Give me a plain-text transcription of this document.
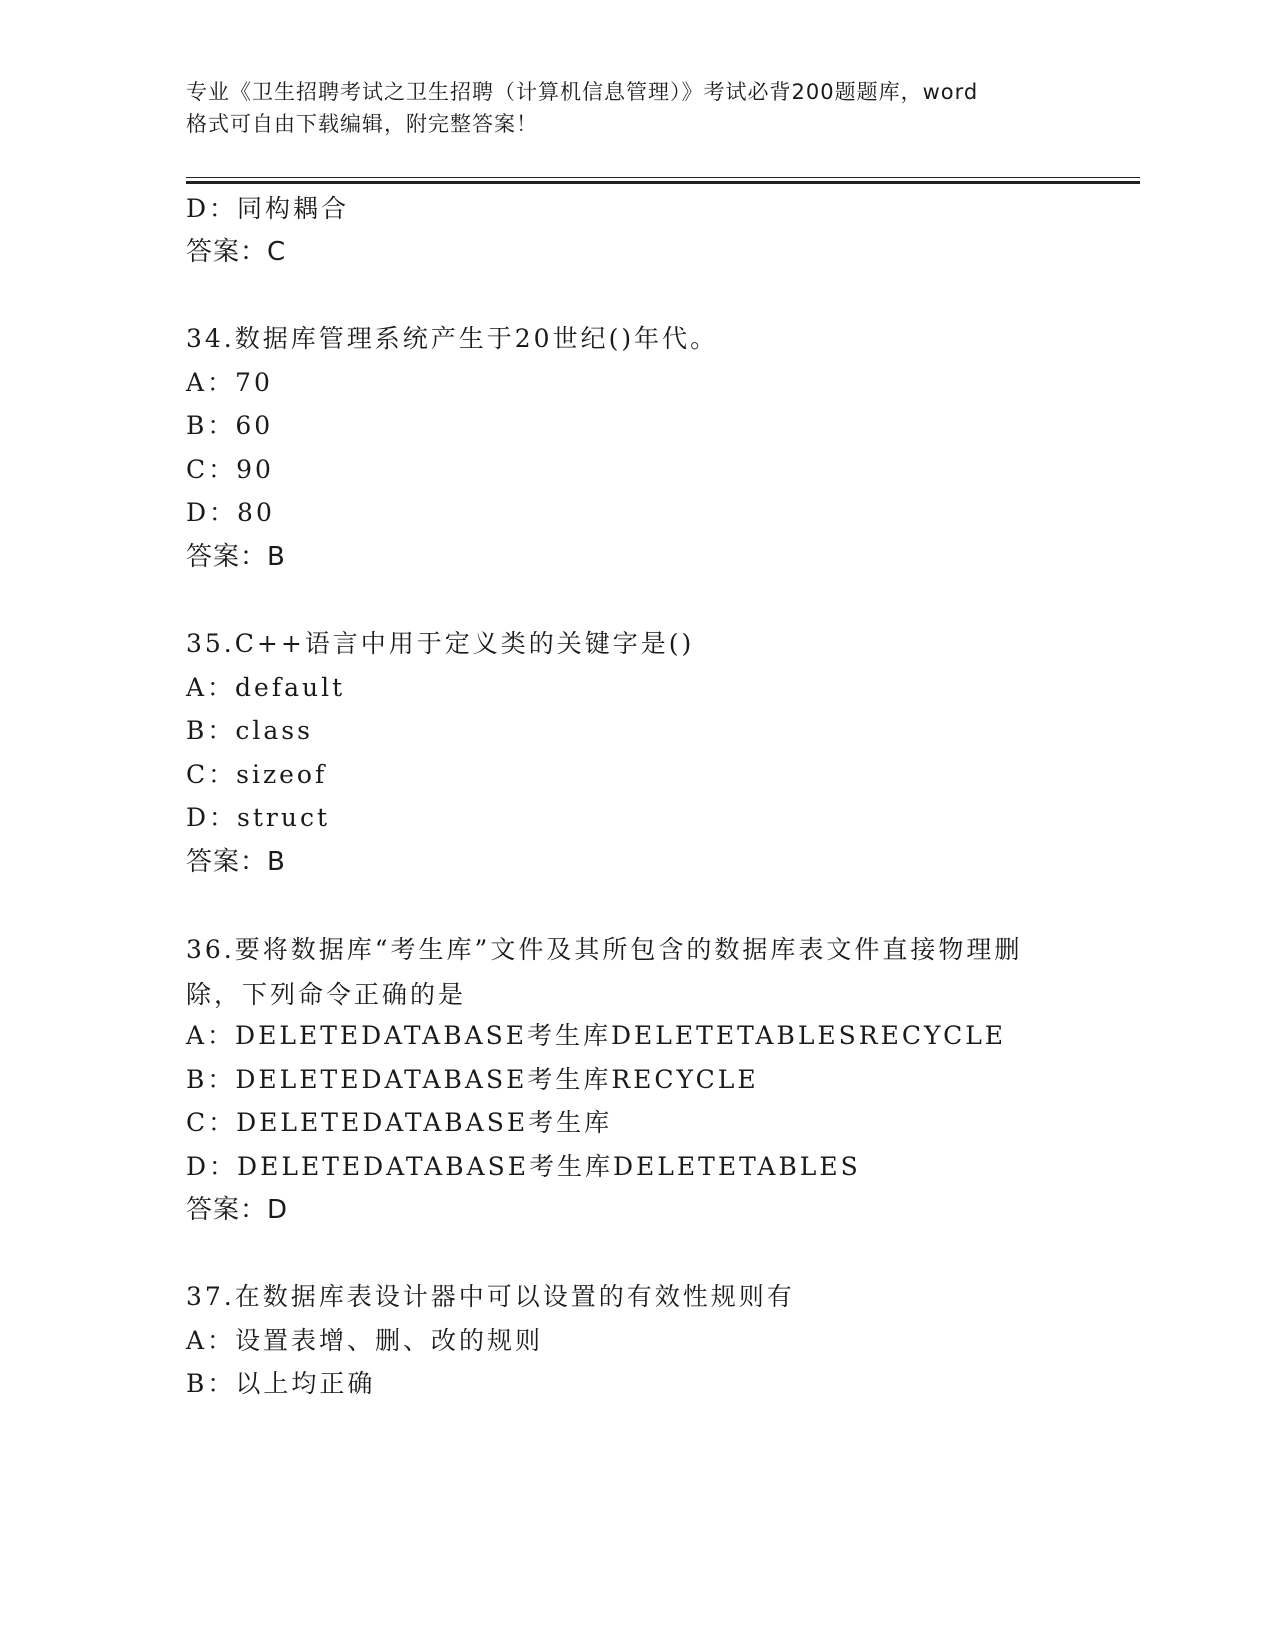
专业《卫生招聘考试之卫生招聘（计算机信息管理）》考试必背200题题库，word
格式可自由下载编辑，附完整答案！
D：同构耦合
答案：C
34.数据库管理系统产生于20世纪()年代。
A：70
B：60
C：90
D：80
答案：B
35.C++语言中用于定义类的关键字是()
A：default
B：class
C：sizeof
D：struct
答案：B
36.要将数据库“考生库”文件及其所包含的数据库表文件直接物理删除，下列命令正确的是
A：DELETEDATABASE考生库DELETETABLESRECYCLE
B：DELETEDATABASE考生库RECYCLE
C：DELETEDATABASE考生库
D：DELETEDATABASE考生库DELETETABLES
答案：D
37.在数据库表设计器中可以设置的有效性规则有
A：设置表增、删、改的规则
B：以上均正确
